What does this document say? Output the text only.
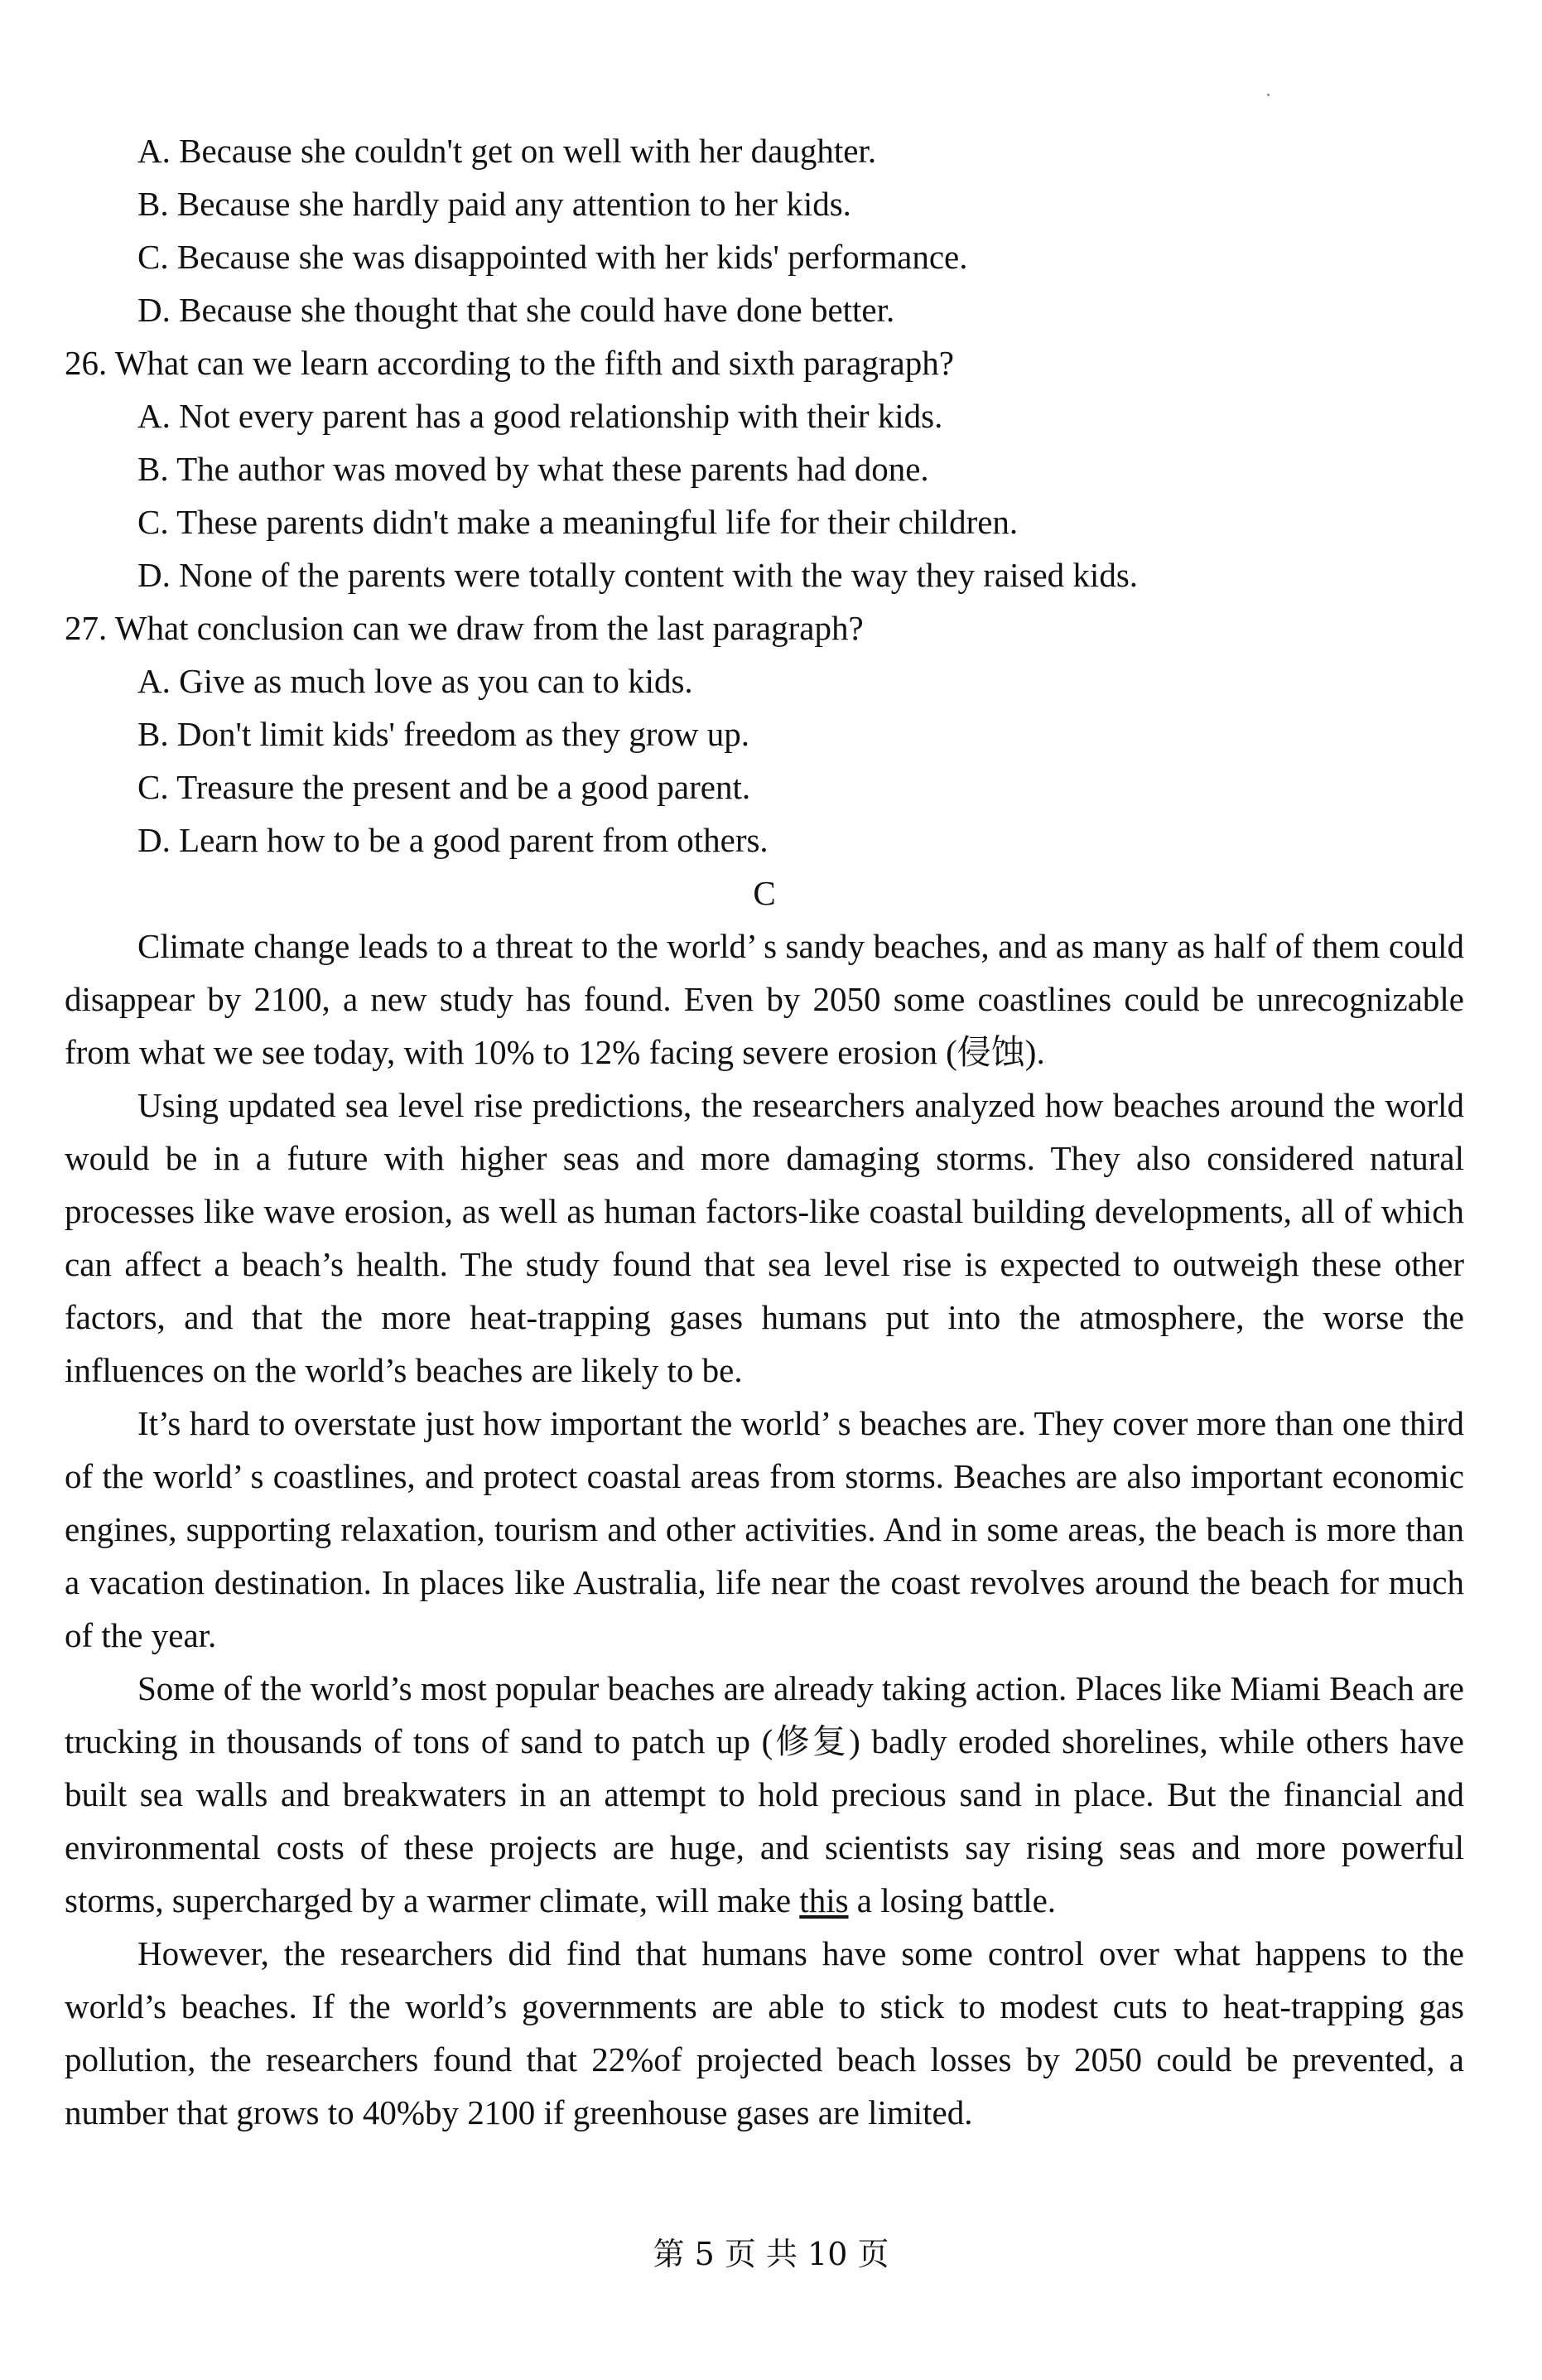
A. Because she couldn't get on well with her daughter.
B. Because she hardly paid any attention to her kids.
C. Because she was disappointed with her kids' performance.
D. Because she thought that she could have done better.
26. What can we learn according to the fifth and sixth paragraph?
A. Not every parent has a good relationship with their kids.
B. The author was moved by what these parents had done.
C. These parents didn't make a meaningful life for their children.
D. None of the parents were totally content with the way they raised kids.
27. What conclusion can we draw from the last paragraph?
A. Give as much love as you can to kids.
B. Don't limit kids' freedom as they grow up.
C. Treasure the present and be a good parent.
D. Learn how to be a good parent from others.
C

Climate change leads to a threat to the world’ s sandy beaches, and as many as half of them could disappear by 2100, a new study has found. Even by 2050 some coastlines could be unrecognizable from what we see today, with 10% to 12% facing severe erosion (侵蚀).

Using updated sea level rise predictions, the researchers analyzed how beaches around the world would be in a future with higher seas and more damaging storms. They also considered natural processes like wave erosion, as well as human factors-like coastal building developments, all of which can affect a beach’s health. The study found that sea level rise is expected to outweigh these other factors, and that the more heat-trapping gases humans put into the atmosphere, the worse the influences on the world’s beaches are likely to be.

It’s hard to overstate just how important the world’ s beaches are. They cover more than one third of the world’ s coastlines, and protect coastal areas from storms. Beaches are also important economic engines, supporting relaxation, tourism and other activities. And in some areas, the beach is more than a vacation destination. In places like Australia, life near the coast revolves around the beach for much of the year.

Some of the world’s most popular beaches are already taking action. Places like Miami Beach are trucking in thousands of tons of sand to patch up (修复) badly eroded shorelines, while others have built sea walls and breakwaters in an attempt to hold precious sand in place. But the financial and environmental costs of these projects are huge, and scientists say rising seas and more powerful storms, supercharged by a warmer climate, will make this a losing battle.

However, the researchers did find that humans have some control over what happens to the world’s beaches. If the world’s governments are able to stick to modest cuts to heat-trapping gas pollution, the researchers found that 22%of projected beach losses by 2050 could be prevented, a number that grows to 40%by 2100 if greenhouse gases are limited.

第 5 页 共 10 页
